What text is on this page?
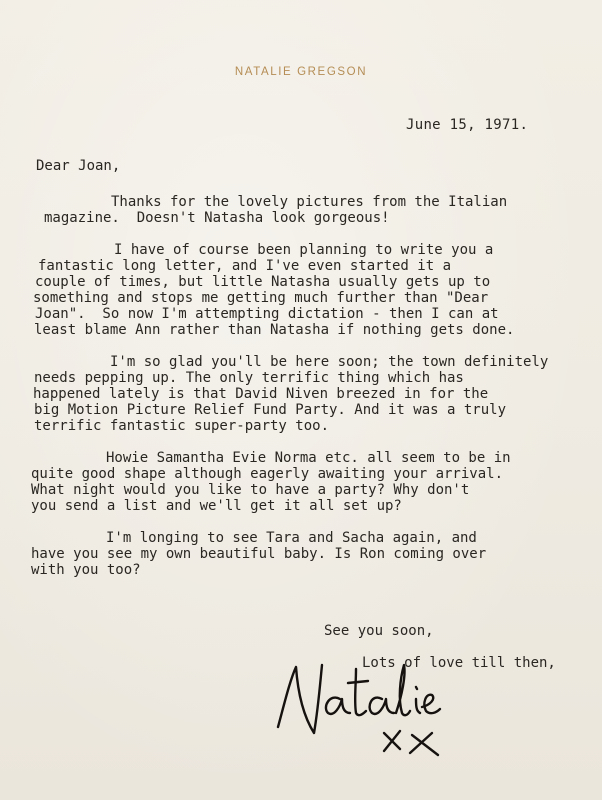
NATALIE GREGSON
June 15, 1971.
Dear Joan,
Thanks for the lovely pictures from the Italian
magazine.  Doesn't Natasha look gorgeous!
I have of course been planning to write you a
fantastic long letter, and I've even started it a
couple of times, but little Natasha usually gets up to
something and stops me getting much further than "Dear
Joan".  So now I'm attempting dictation - then I can at
least blame Ann rather than Natasha if nothing gets done.
I'm so glad you'll be here soon; the town definitely
needs pepping up. The only terrific thing which has
happened lately is that David Niven breezed in for the
big Motion Picture Relief Fund Party. And it was a truly
terrific fantastic super-party too.
Howie Samantha Evie Norma etc. all seem to be in
quite good shape although eagerly awaiting your arrival.
What night would you like to have a party? Why don't
you send a list and we'll get it all set up?
I'm longing to see Tara and Sacha again, and
have you see my own beautiful baby. Is Ron coming over
with you too?
See you soon,
Lots of love till then,
